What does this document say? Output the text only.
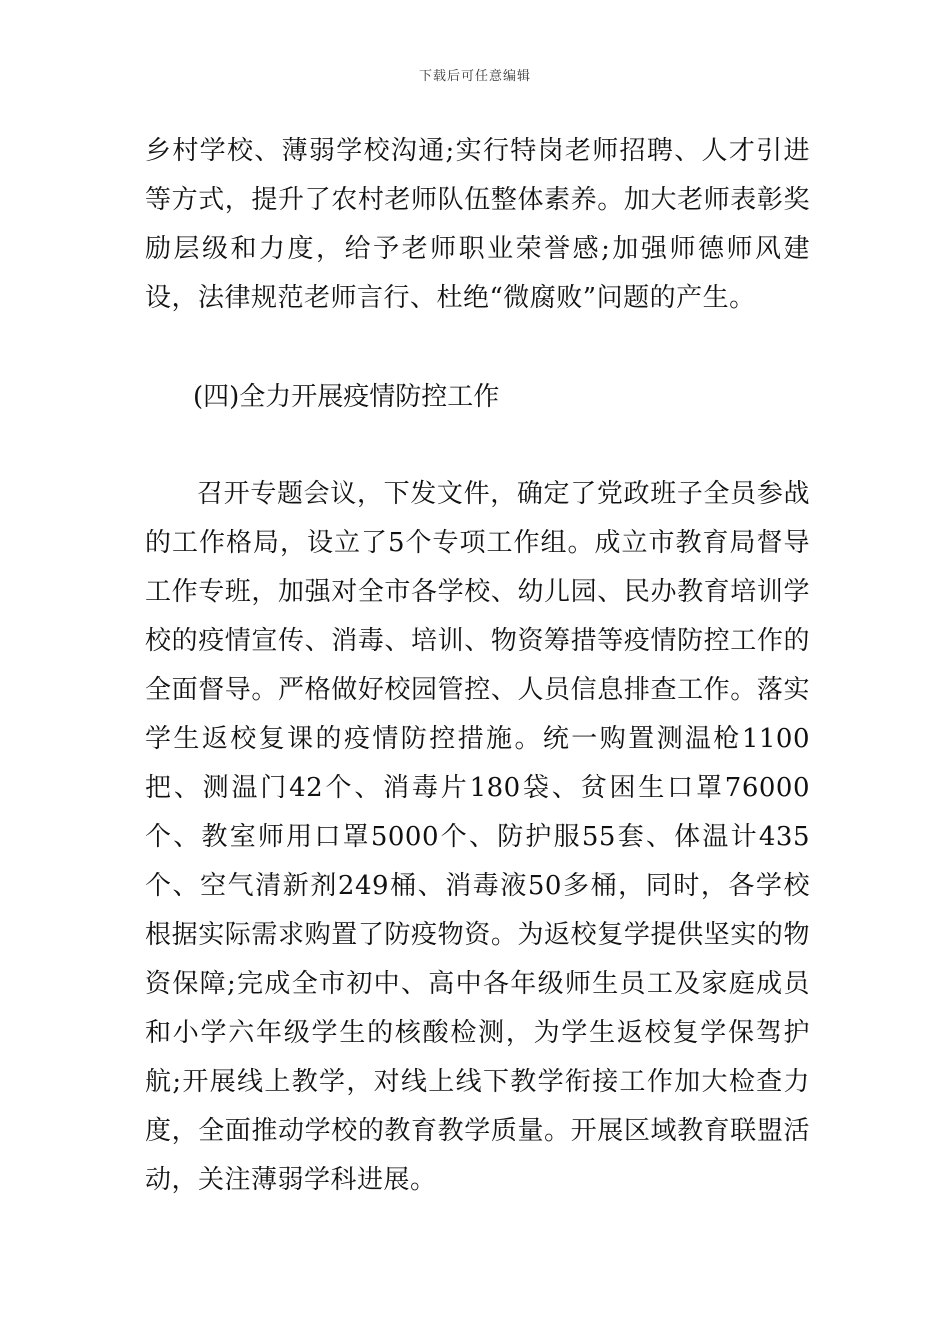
下载后可任意编辑

乡村学校、薄弱学校沟通;实行特岗老师招聘、人才引进等方式，提升了农村老师队伍整体素养。加大老师表彰奖励层级和力度，给予老师职业荣誉感;加强师德师风建设，法律规范老师言行、杜绝“微腐败”问题的产生。

(四)全力开展疫情防控工作

召开专题会议，下发文件，确定了党政班子全员参战的工作格局，设立了5个专项工作组。成立市教育局督导工作专班，加强对全市各学校、幼儿园、民办教育培训学校的疫情宣传、消毒、培训、物资筹措等疫情防控工作的全面督导。严格做好校园管控、人员信息排查工作。落实学生返校复课的疫情防控措施。统一购置测温枪1100把、测温门42个、消毒片180袋、贫困生口罩76000个、教室师用口罩5000个、防护服55套、体温计435个、空气清新剂249桶、消毒液50多桶，同时，各学校根据实际需求购置了防疫物资。为返校复学提供坚实的物资保障;完成全市初中、高中各年级师生员工及家庭成员和小学六年级学生的核酸检测，为学生返校复学保驾护航;开展线上教学，对线上线下教学衔接工作加大检查力度，全面推动学校的教育教学质量。开展区域教育联盟活动，关注薄弱学科进展。
